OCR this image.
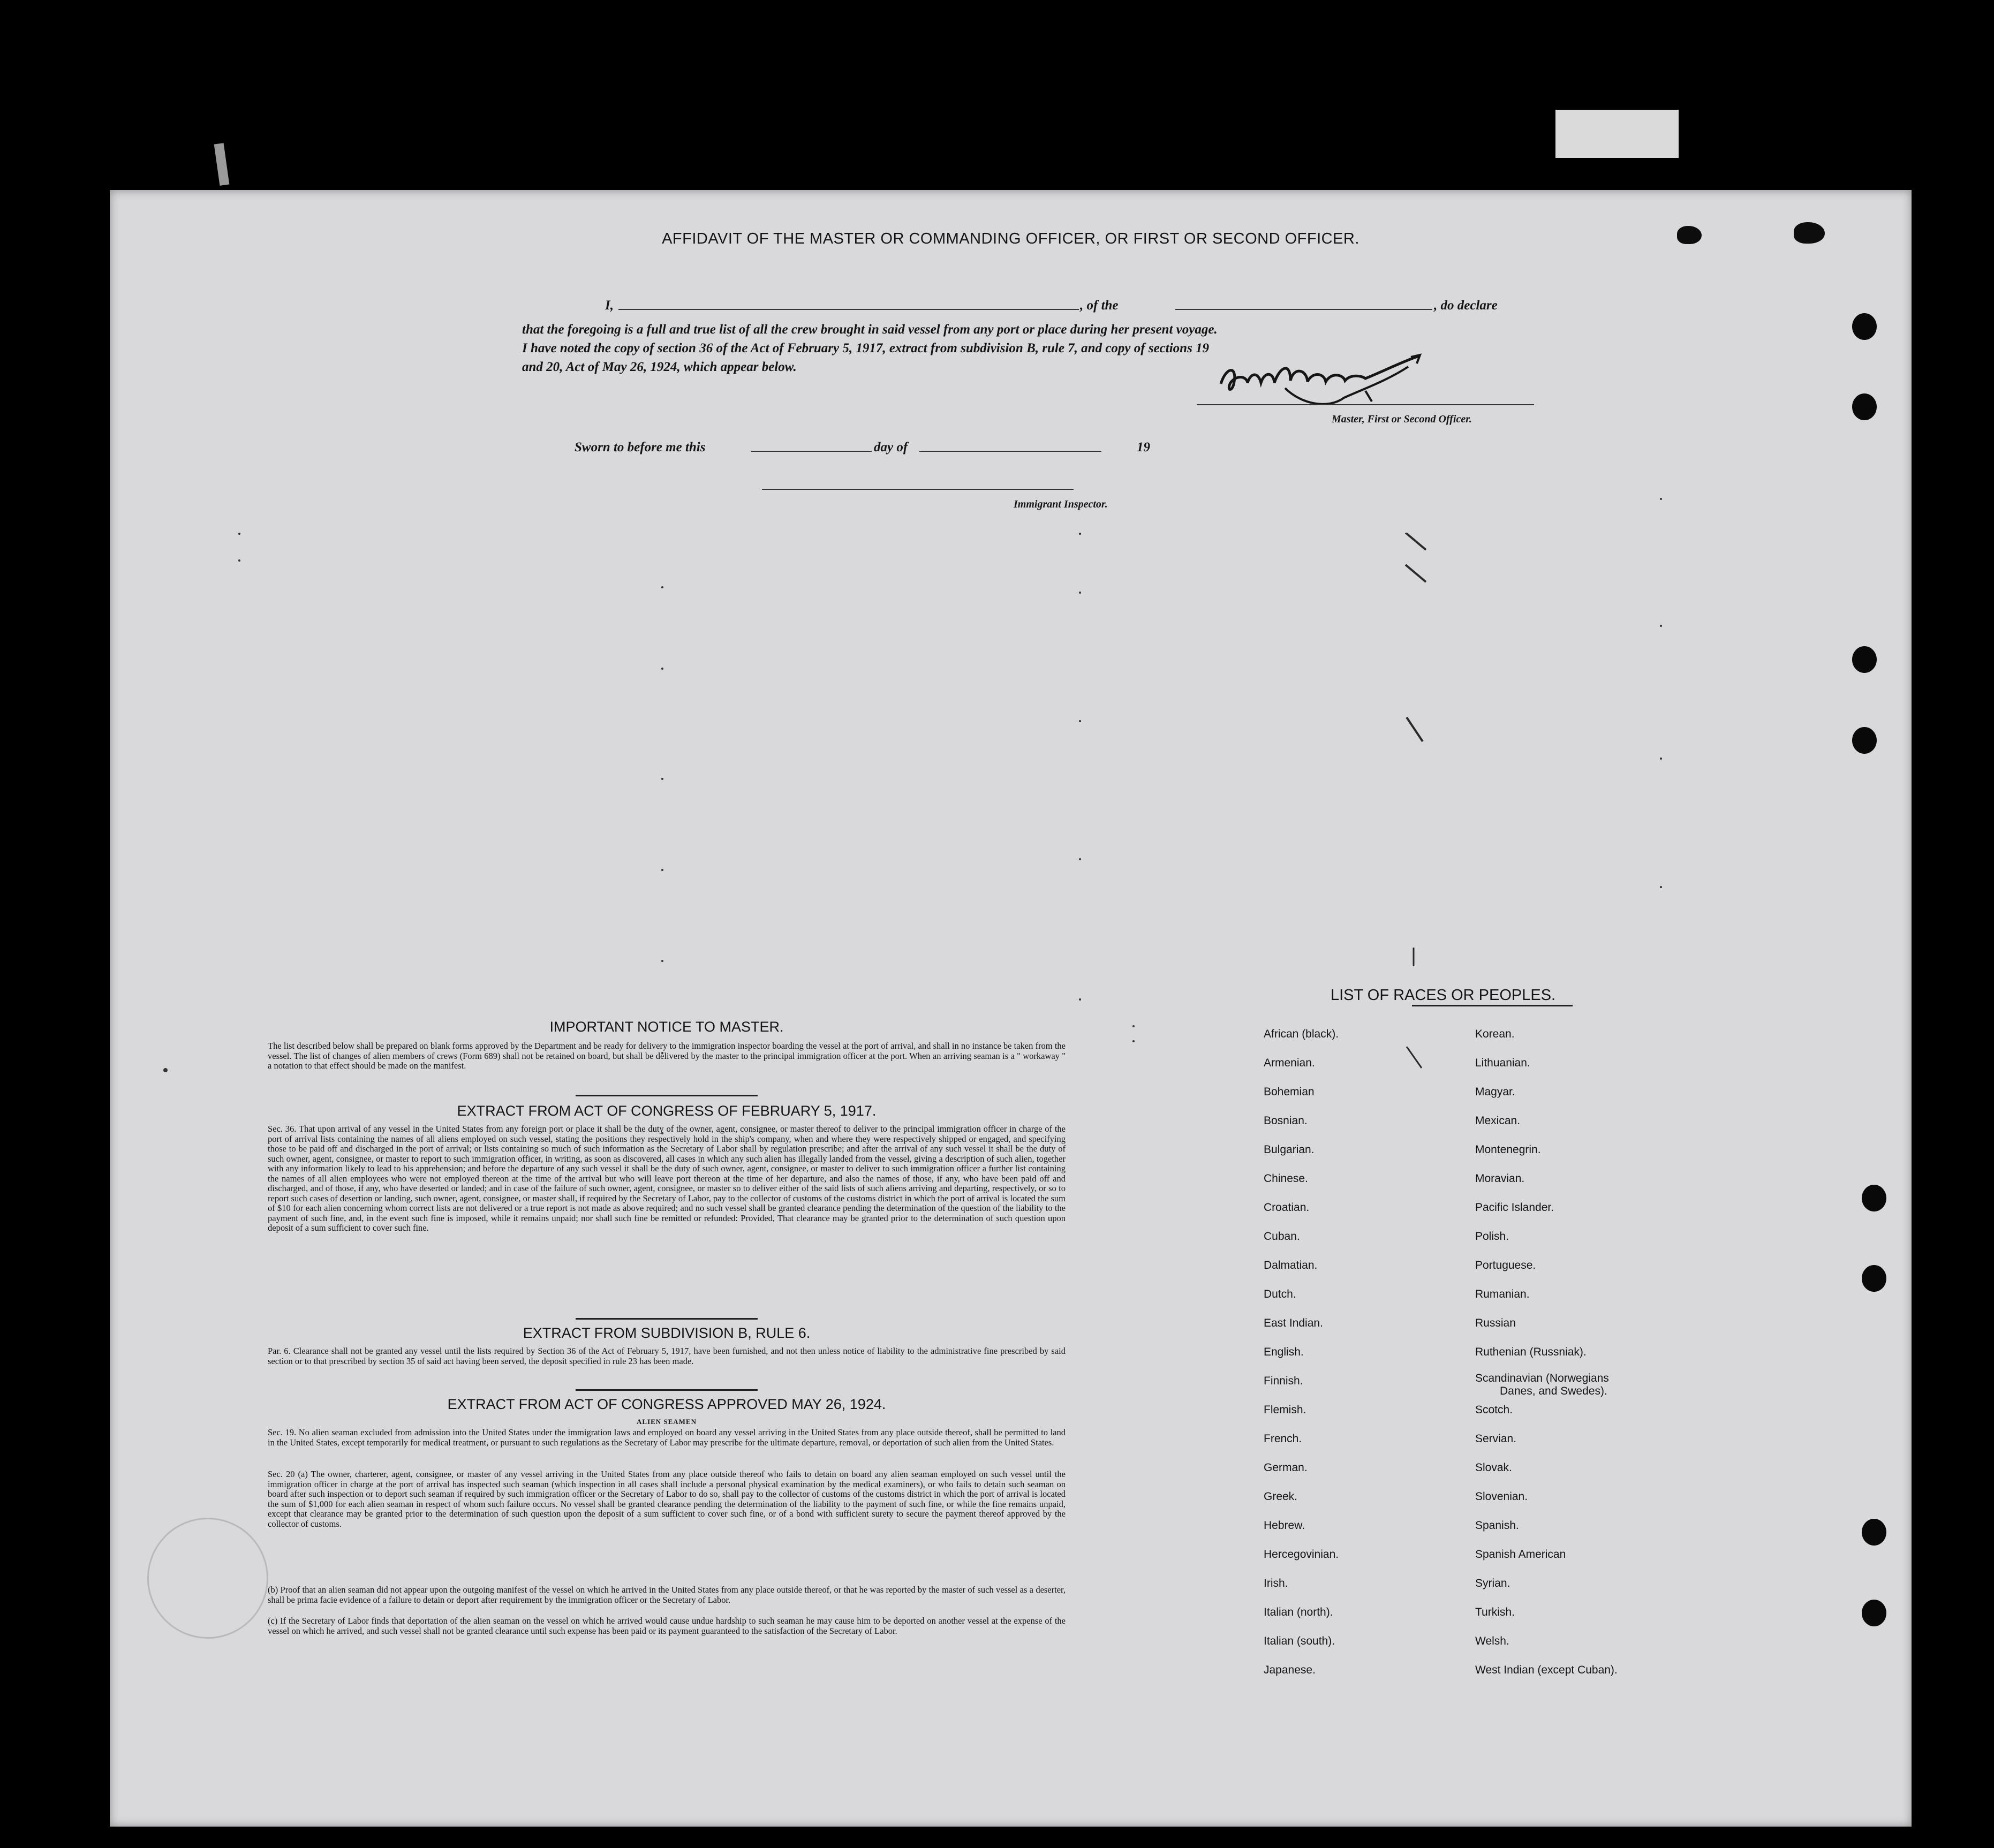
AFFIDAVIT OF THE MASTER OR COMMANDING OFFICER, OR FIRST OR SECOND OFFICER.
I,	, of the	, do declare
that the foregoing is a full and true list of all the crew brought in said vessel from any port or place during her present voyage.
I have noted the copy of section 36 of the Act of February 5, 1917, extract from subdivision B, rule 7, and copy of sections 19
and 20, Act of May 26, 1924, which appear below.
Master, First or Second Officer.
Sworn to before me this	day of	19
Immigrant Inspector.
IMPORTANT NOTICE TO MASTER.
The list described below shall be prepared on blank forms approved by the Department and be ready for delivery to the immigration inspector boarding the vessel at the port of arrival, and shall in no instance be taken from the vessel. The list of changes of alien members of crews (Form 689) shall not be retained on board, but shall be delivered by the master to the principal immigration officer at the port. When an arriving seaman is a " workaway " a notation to that effect should be made on the manifest.
EXTRACT FROM ACT OF CONGRESS OF FEBRUARY 5, 1917.
Sec. 36. That upon arrival of any vessel in the United States from any foreign port or place it shall be the duty of the owner, agent, consignee, or master thereof to deliver to the principal immigration officer in charge of the port of arrival lists containing the names of all aliens employed on such vessel, stating the positions they respectively hold in the ship's company, when and where they were respectively shipped or engaged, and specifying those to be paid off and discharged in the port of arrival; or lists containing so much of such information as the Secretary of Labor shall by regulation prescribe; and after the arrival of any such vessel it shall be the duty of such owner, agent, consignee, or master to report to such immigration officer, in writing, as soon as discovered, all cases in which any such alien has illegally landed from the vessel, giving a description of such alien, together with any information likely to lead to his apprehension; and before the departure of any such vessel it shall be the duty of such owner, agent, consignee, or master to deliver to such immigration officer a further list containing the names of all alien employees who were not employed thereon at the time of the arrival but who will leave port thereon at the time of her departure, and also the names of those, if any, who have been paid off and discharged, and of those, if any, who have deserted or landed; and in case of the failure of such owner, agent, consignee, or master so to deliver either of the said lists of such aliens arriving and departing, respectively, or so to report such cases of desertion or landing, such owner, agent, consignee, or master shall, if required by the Secretary of Labor, pay to the collector of customs of the customs district in which the port of arrival is located the sum of $10 for each alien concerning whom correct lists are not delivered or a true report is not made as above required; and no such vessel shall be granted clearance pending the determination of the question of the liability to the payment of such fine, and, in the event such fine is imposed, while it remains unpaid; nor shall such fine be remitted or refunded: Provided, That clearance may be granted prior to the determination of such question upon deposit of a sum sufficient to cover such fine.
EXTRACT FROM SUBDIVISION B, RULE 6.
Par. 6. Clearance shall not be granted any vessel until the lists required by Section 36 of the Act of February 5, 1917, have been furnished, and not then unless notice of liability to the administrative fine prescribed by said section or to that prescribed by section 35 of said act having been served, the deposit specified in rule 23 has been made.
EXTRACT FROM ACT OF CONGRESS APPROVED MAY 26, 1924.
ALIEN SEAMEN
Sec. 19. No alien seaman excluded from admission into the United States under the immigration laws and employed on board any vessel arriving in the United States from any place outside thereof, shall be permitted to land in the United States, except temporarily for medical treatment, or pursuant to such regulations as the Secretary of Labor may prescribe for the ultimate departure, removal, or deportation of such alien from the United States.
Sec. 20 (a) The owner, charterer, agent, consignee, or master of any vessel arriving in the United States from any place outside thereof who fails to detain on board any alien seaman employed on such vessel until the immigration officer in charge at the port of arrival has inspected such seaman (which inspection in all cases shall include a personal physical examination by the medical examiners), or who fails to detain such seaman on board after such inspection or to deport such seaman if required by such immigration officer or the Secretary of Labor to do so, shall pay to the collector of customs of the customs district in which the port of arrival is located the sum of $1,000 for each alien seaman in respect of whom such failure occurs. No vessel shall be granted clearance pending the determination of the liability to the payment of such fine, or while the fine remains unpaid, except that clearance may be granted prior to the determination of such question upon the deposit of a sum sufficient to cover such fine, or of a bond with sufficient surety to secure the payment thereof approved by the collector of customs.
(b) Proof that an alien seaman did not appear upon the outgoing manifest of the vessel on which he arrived in the United States from any place outside thereof, or that he was reported by the master of such vessel as a deserter, shall be prima facie evidence of a failure to detain or deport after requirement by the immigration officer or the Secretary of Labor.
(c) If the Secretary of Labor finds that deportation of the alien seaman on the vessel on which he arrived would cause undue hardship to such seaman he may cause him to be deported on another vessel at the expense of the vessel on which he arrived, and such vessel shall not be granted clearance until such expense has been paid or its payment guaranteed to the satisfaction of the Secretary of Labor.
LIST OF RACES OR PEOPLES.
African (black).
Armenian.
Bohemian
Bosnian.
Bulgarian.
Chinese.
Croatian.
Cuban.
Dalmatian.
Dutch.
East Indian.
English.
Finnish.
Flemish.
French.
German.
Greek.
Hebrew.
Hercegovinian.
Irish.
Italian (north).
Italian (south).
Japanese.
Korean.
Lithuanian.
Magyar.
Mexican.
Montenegrin.
Moravian.
Pacific Islander.
Polish.
Portuguese.
Rumanian.
Russian
Ruthenian (Russniak).
Scandinavian (Norwegians
Danes, and Swedes).
Scotch.
Servian.
Slovak.
Slovenian.
Spanish.
Spanish American
Syrian.
Turkish.
Welsh.
West Indian (except Cuban).
